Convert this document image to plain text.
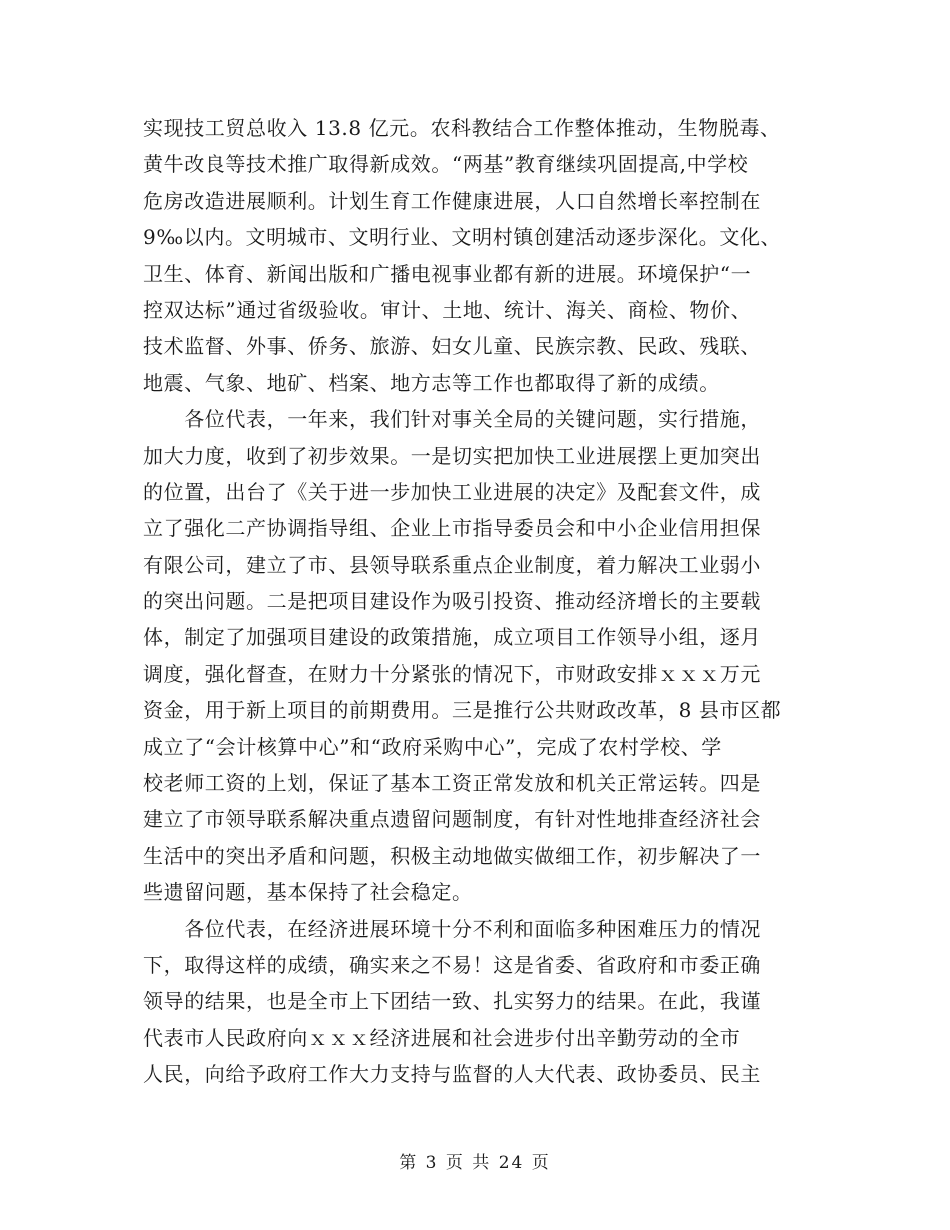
实现技工贸总收入 13.8 亿元。农科教结合工作整体推动，生物脱毒、
黄牛改良等技术推广取得新成效。“两基”教育继续巩固提高,中学校
危房改造进展顺利。计划生育工作健康进展，人口自然增长率控制在
9‰以内。文明城市、文明行业、文明村镇创建活动逐步深化。文化、
卫生、体育、新闻出版和广播电视事业都有新的进展。环境保护“一
控双达标”通过省级验收。审计、土地、统计、海关、商检、物价、
技术监督、外事、侨务、旅游、妇女儿童、民族宗教、民政、残联、
地震、气象、地矿、档案、地方志等工作也都取得了新的成绩。
　　各位代表，一年来，我们针对事关全局的关键问题，实行措施，
加大力度，收到了初步效果。一是切实把加快工业进展摆上更加突出
的位置，出台了《关于进一步加快工业进展的决定》及配套文件，成
立了强化二产协调指导组、企业上市指导委员会和中小企业信用担保
有限公司，建立了市、县领导联系重点企业制度，着力解决工业弱小
的突出问题。二是把项目建设作为吸引投资、推动经济增长的主要载
体，制定了加强项目建设的政策措施，成立项目工作领导小组，逐月
调度，强化督查，在财力十分紧张的情况下，市财政安排ｘｘｘ万元
资金，用于新上项目的前期费用。三是推行公共财政改革，8 县市区都
成立了“会计核算中心”和“政府采购中心”，完成了农村学校、学
校老师工资的上划，保证了基本工资正常发放和机关正常运转。四是
建立了市领导联系解决重点遗留问题制度，有针对性地排查经济社会
生活中的突出矛盾和问题，积极主动地做实做细工作，初步解决了一
些遗留问题，基本保持了社会稳定。
　　各位代表，在经济进展环境十分不利和面临多种困难压力的情况
下，取得这样的成绩，确实来之不易！这是省委、省政府和市委正确
领导的结果，也是全市上下团结一致、扎实努力的结果。在此，我谨
代表市人民政府向ｘｘｘ经济进展和社会进步付出辛勤劳动的全市
人民，向给予政府工作大力支持与监督的人大代表、政协委员、民主
第 3 页 共 24 页
